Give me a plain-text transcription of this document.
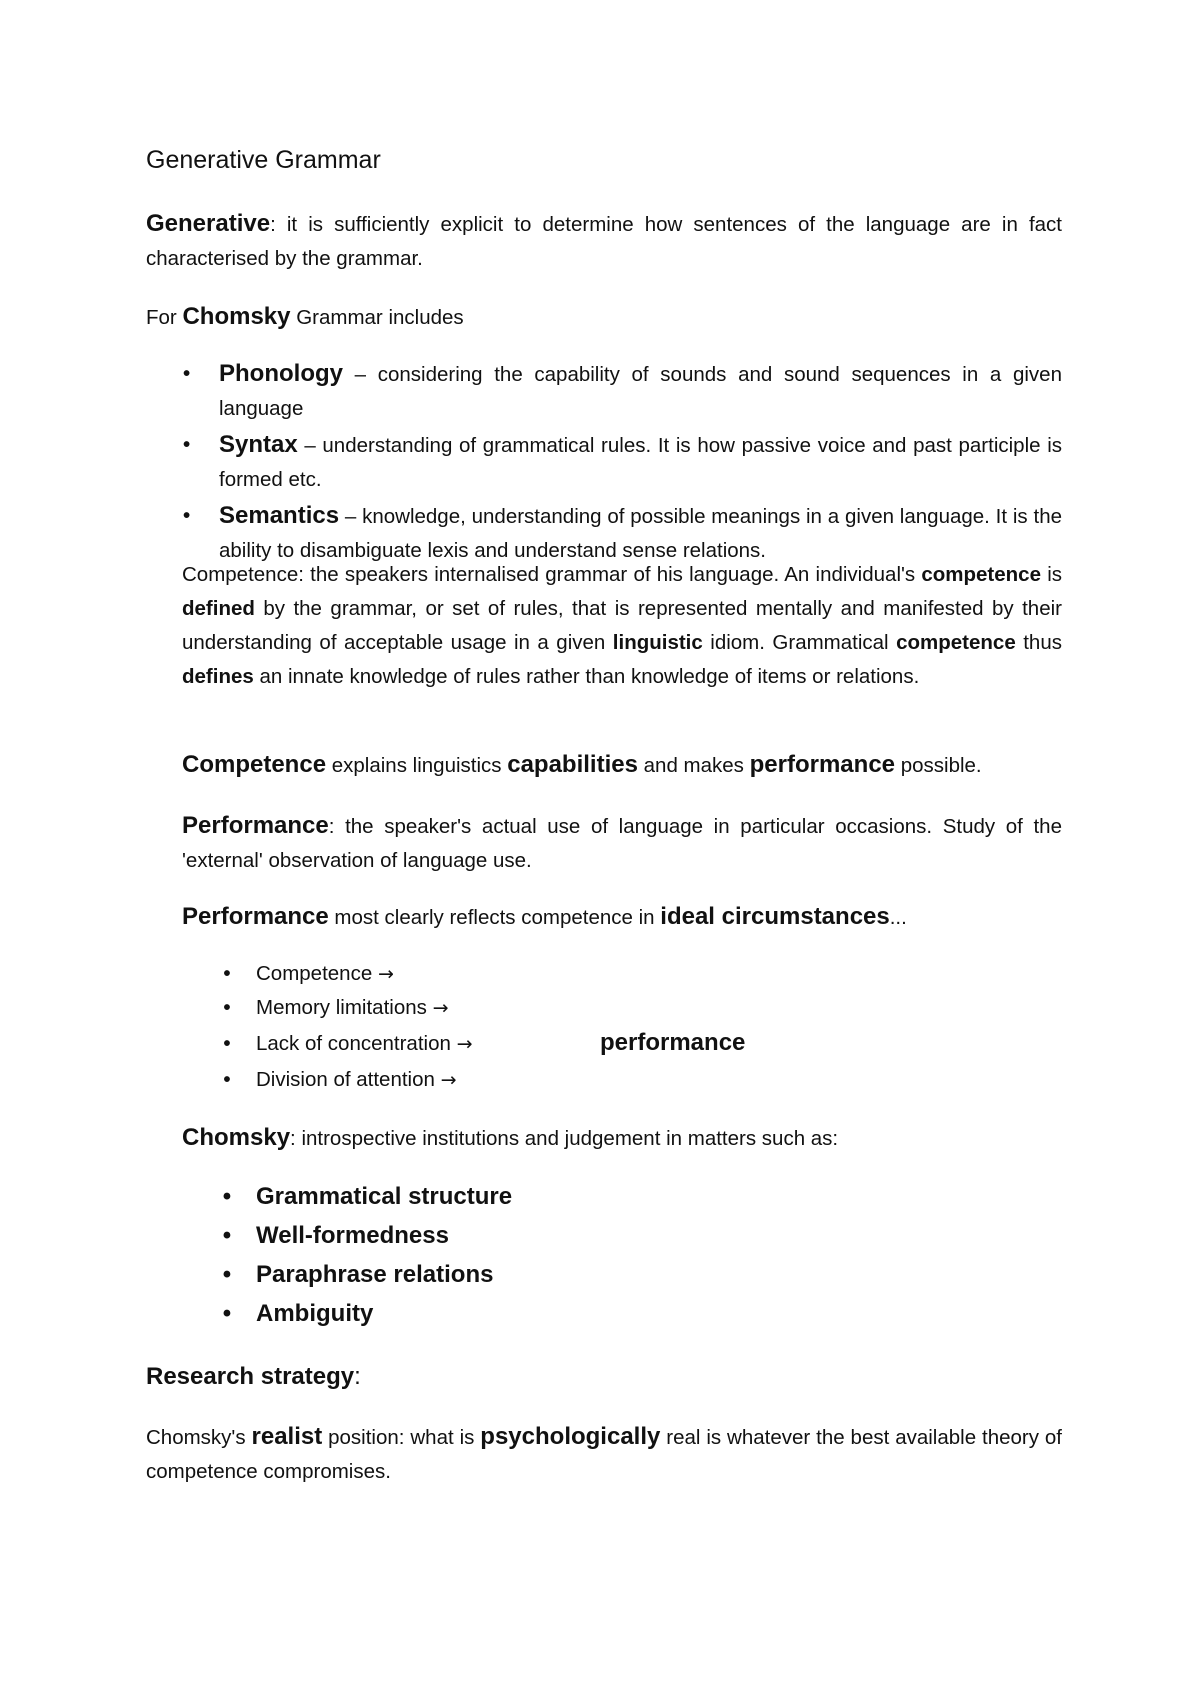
Generative Grammar
Generative: it is sufficiently explicit to determine how sentences of the language are in fact characterised by the grammar.
For Chomsky Grammar includes
• Phonology – considering the capability of sounds and sound sequences in a given language
• Syntax – understanding of grammatical rules. It is how passive voice and past participle is formed etc.
• Semantics – knowledge, understanding of possible meanings in a given language. It is the ability to disambiguate lexis and understand sense relations.
Competence: the speakers internalised grammar of his language. An individual's competence is defined by the grammar, or set of rules, that is represented mentally and manifested by their understanding of acceptable usage in a given linguistic idiom. Grammatical competence thus defines an innate knowledge of rules rather than knowledge of items or relations.
Competence explains linguistics capabilities and makes performance possible.
Performance: the speaker's actual use of language in particular occasions. Study of the 'external' observation of language use.
Performance most clearly reflects competence in ideal circumstances...
• Competence →
• Memory limitations →
• Lack of concentration →
• Division of attention →
performance
Chomsky: introspective institutions and judgement in matters such as:
• Grammatical structure
• Well-formedness
• Paraphrase relations
• Ambiguity
Research strategy:
Chomsky's realist position: what is psychologically real is whatever the best available theory of competence compromises.
